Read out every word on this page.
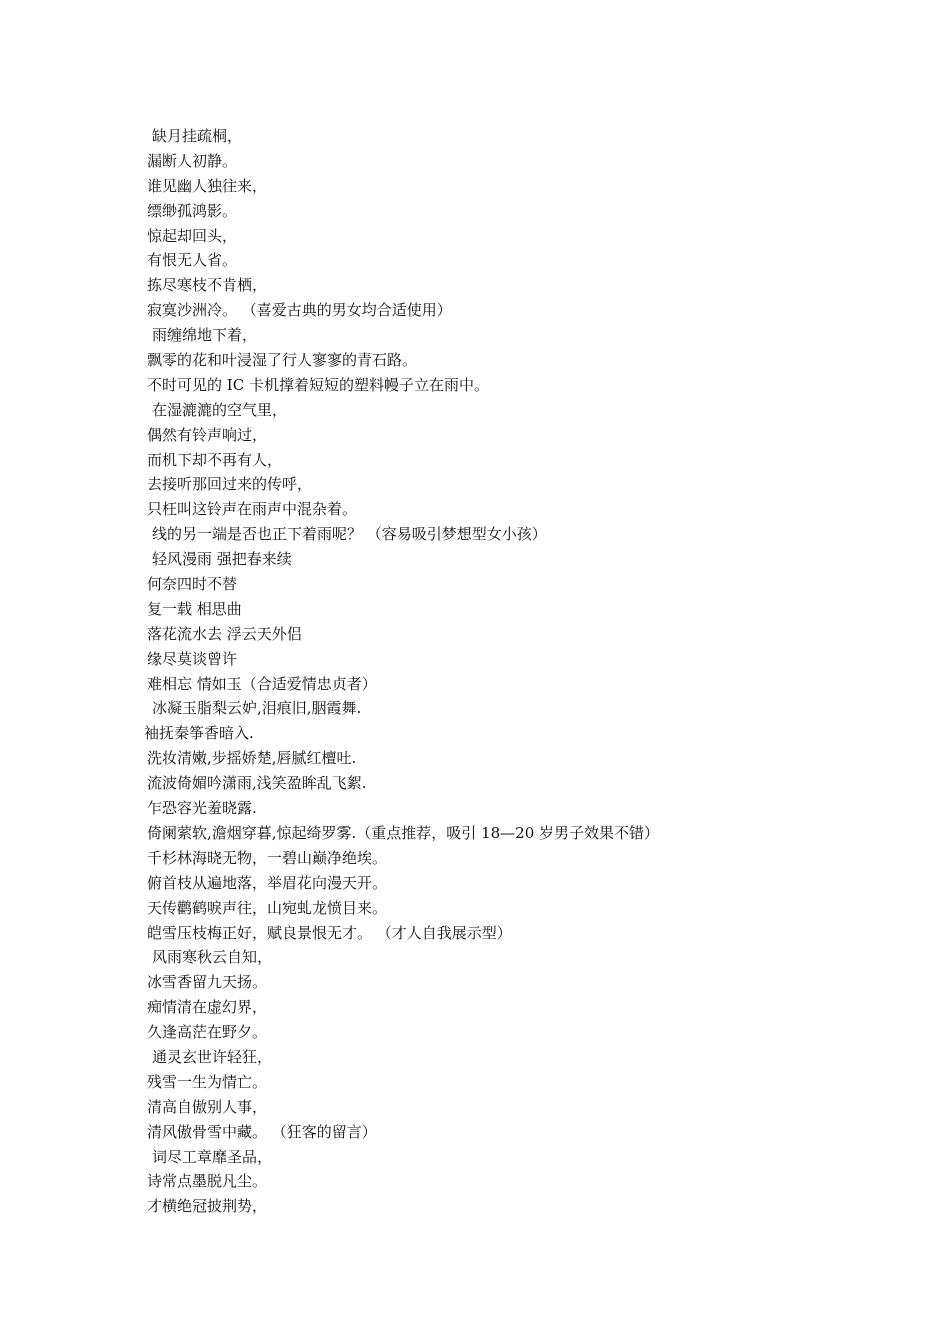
缺月挂疏桐，
漏断人初静。
谁见幽人独往来，
缥缈孤鸿影。
惊起却回头，
有恨无人省。
拣尽寒枝不肯栖，
寂寞沙洲冷。 （喜爱古典的男女均合适使用）
雨缠绵地下着，
飘零的花和叶浸湿了行人寥寥的青石路。
不时可见的 IC 卡机撑着短短的塑料幔子立在雨中。
在湿漉漉的空气里，
偶然有铃声响过，
而机下却不再有人，
去接听那回过来的传呼，
只枉叫这铃声在雨声中混杂着。
线的另一端是否也正下着雨呢？ （容易吸引梦想型女小孩）
轻风漫雨 强把春来续
何奈四时不替
复一载 相思曲
落花流水去 浮云天外侣
缘尽莫谈曾许
难相忘 情如玉（合适爱情忠贞者）
冰凝玉脂梨云妒,泪痕旧,胭霞舞.
袖抚秦筝香暗入.
洗妆清嫩,步摇娇楚,唇腻红檀吐.
流波倚媚吟潇雨,浅笑盈眸乱飞絮.
乍恐容光羞晓露.
倚阑萦软,澹烟穿暮,惊起绮罗雾.（重点推荐，吸引 18—20 岁男子效果不错）
千杉林海晓无物，一碧山巅净绝埃。
俯首枝从遍地落，举眉花向漫天开。
天传鹳鹤唳声往，山宛虬龙愤目来。
皑雪压枝梅正好，赋良景恨无才。 （才人自我展示型）
风雨寒秋云自知，
冰雪香留九天扬。
痴情清在虚幻界，
久逢高茫在野夕。
通灵玄世许轻狂，
残雪一生为情亡。
清高自傲别人事，
清风傲骨雪中藏。 （狂客的留言）
词尽工章靡圣品，
诗常点墨脱凡尘。
才横绝冠披荆势，
